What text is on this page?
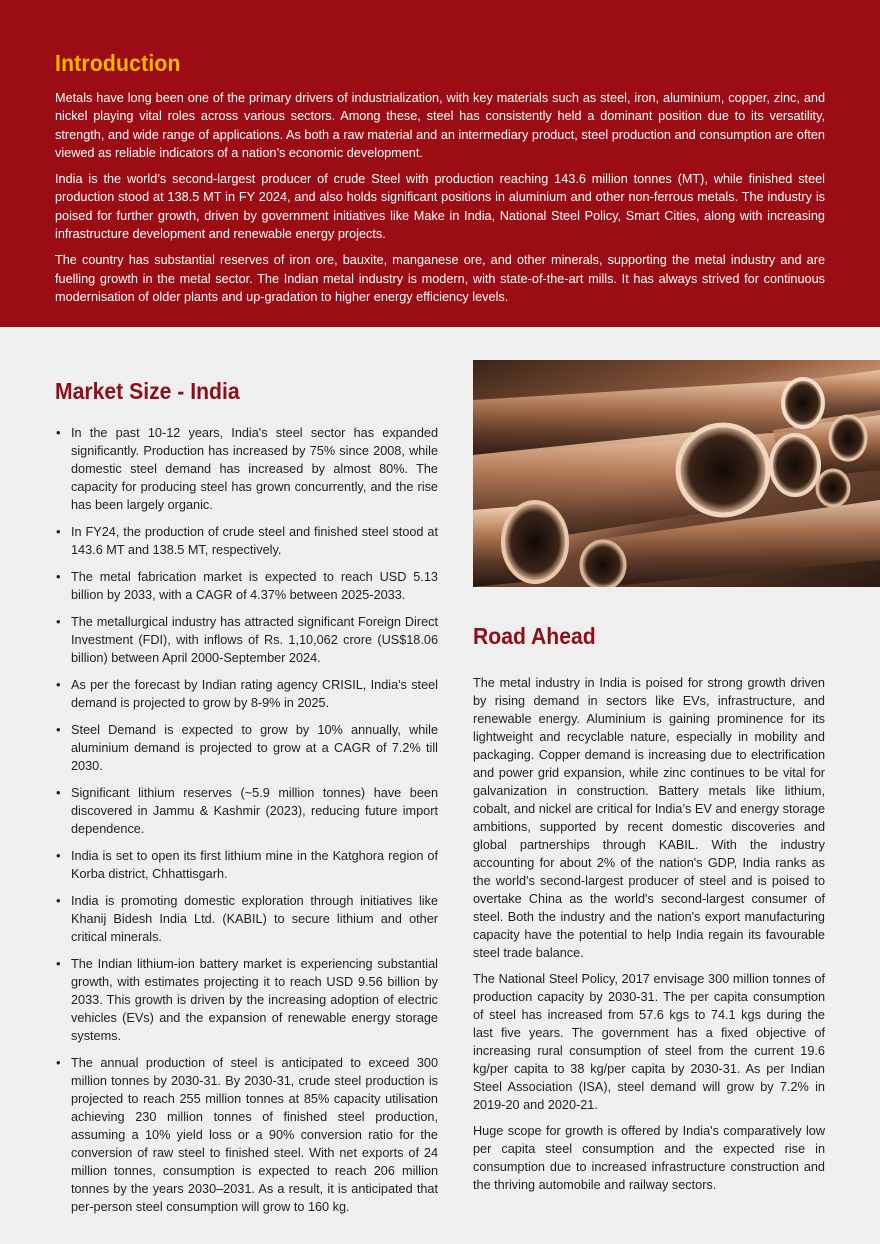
Introduction

Metals have long been one of the primary drivers of industrialization, with key materials such as steel, iron, aluminium, copper, zinc, and nickel playing vital roles across various sectors. Among these, steel has consistently held a dominant position due to its versatility, strength, and wide range of applications. As both a raw material and an intermediary product, steel production and consumption are often viewed as reliable indicators of a nation’s economic development.

India is the world’s second-largest producer of crude Steel with production reaching 143.6 million tonnes (MT), while finished steel production stood at 138.5 MT in FY 2024, and also holds significant positions in aluminium and other non-ferrous metals. The industry is poised for further growth, driven by government initiatives like Make in India, National Steel Policy, Smart Cities, along with increasing infrastructure development and renewable energy projects.

The country has substantial reserves of iron ore, bauxite, manganese ore, and other minerals, supporting the metal industry and are fuelling growth in the metal sector. The Indian metal industry is modern, with state-of-the-art mills. It has always strived for continuous modernisation of older plants and up-gradation to higher energy efficiency levels.

Market Size - India
• In the past 10-12 years, India's steel sector has expanded significantly. Production has increased by 75% since 2008, while domestic steel demand has increased by almost 80%. The capacity for producing steel has grown concurrently, and the rise has been largely organic.
• In FY24, the production of crude steel and finished steel stood at 143.6 MT and 138.5 MT, respectively.
• The metal fabrication market is expected to reach USD 5.13 billion by 2033, with a CAGR of 4.37% between 2025-2033.
• The metallurgical industry has attracted significant Foreign Direct Investment (FDI), with inflows of Rs. 1,10,062 crore (US$18.06 billion) between April 2000-September 2024.
• As per the forecast by Indian rating agency CRISIL, India's steel demand is projected to grow by 8-9% in 2025.
• Steel Demand is expected to grow by 10% annually, while aluminium demand is projected to grow at a CAGR of 7.2% till 2030.
• Significant lithium reserves (~5.9 million tonnes) have been discovered in Jammu & Kashmir (2023), reducing future import dependence.
• India is set to open its first lithium mine in the Katghora region of Korba district, Chhattisgarh.
• India is promoting domestic exploration through initiatives like Khanij Bidesh India Ltd. (KABIL) to secure lithium and other critical minerals.
• The Indian lithium-ion battery market is experiencing substantial growth, with estimates projecting it to reach USD 9.56 billion by 2033. This growth is driven by the increasing adoption of electric vehicles (EVs) and the expansion of renewable energy storage systems.
• The annual production of steel is anticipated to exceed 300 million tonnes by 2030-31. By 2030-31, crude steel production is projected to reach 255 million tonnes at 85% capacity utilisation achieving 230 million tonnes of finished steel production, assuming a 10% yield loss or a 90% conversion ratio for the conversion of raw steel to finished steel. With net exports of 24 million tonnes, consumption is expected to reach 206 million tonnes by the years 2030–2031. As a result, it is anticipated that per-person steel consumption will grow to 160 kg.
Road Ahead

The metal industry in India is poised for strong growth driven by rising demand in sectors like EVs, infrastructure, and renewable energy. Aluminium is gaining prominence for its lightweight and recyclable nature, especially in mobility and packaging. Copper demand is increasing due to electrification and power grid expansion, while zinc continues to be vital for galvanization in construction. Battery metals like lithium, cobalt, and nickel are critical for India’s EV and energy storage ambitions, supported by recent domestic discoveries and global partnerships through KABIL. With the industry accounting for about 2% of the nation's GDP, India ranks as the world's second-largest producer of steel and is poised to overtake China as the world's second-largest consumer of steel. Both the industry and the nation's export manufacturing capacity have the potential to help India regain its favourable steel trade balance.

The National Steel Policy, 2017 envisage 300 million tonnes of production capacity by 2030-31. The per capita consumption of steel has increased from 57.6 kgs to 74.1 kgs during the last five years. The government has a fixed objective of increasing rural consumption of steel from the current 19.6 kg/per capita to 38 kg/per capita by 2030-31. As per Indian Steel Association (ISA), steel demand will grow by 7.2% in 2019-20 and 2020-21.

Huge scope for growth is offered by India's comparatively low per capita steel consumption and the expected rise in consumption due to increased infrastructure construction and the thriving automobile and railway sectors.
